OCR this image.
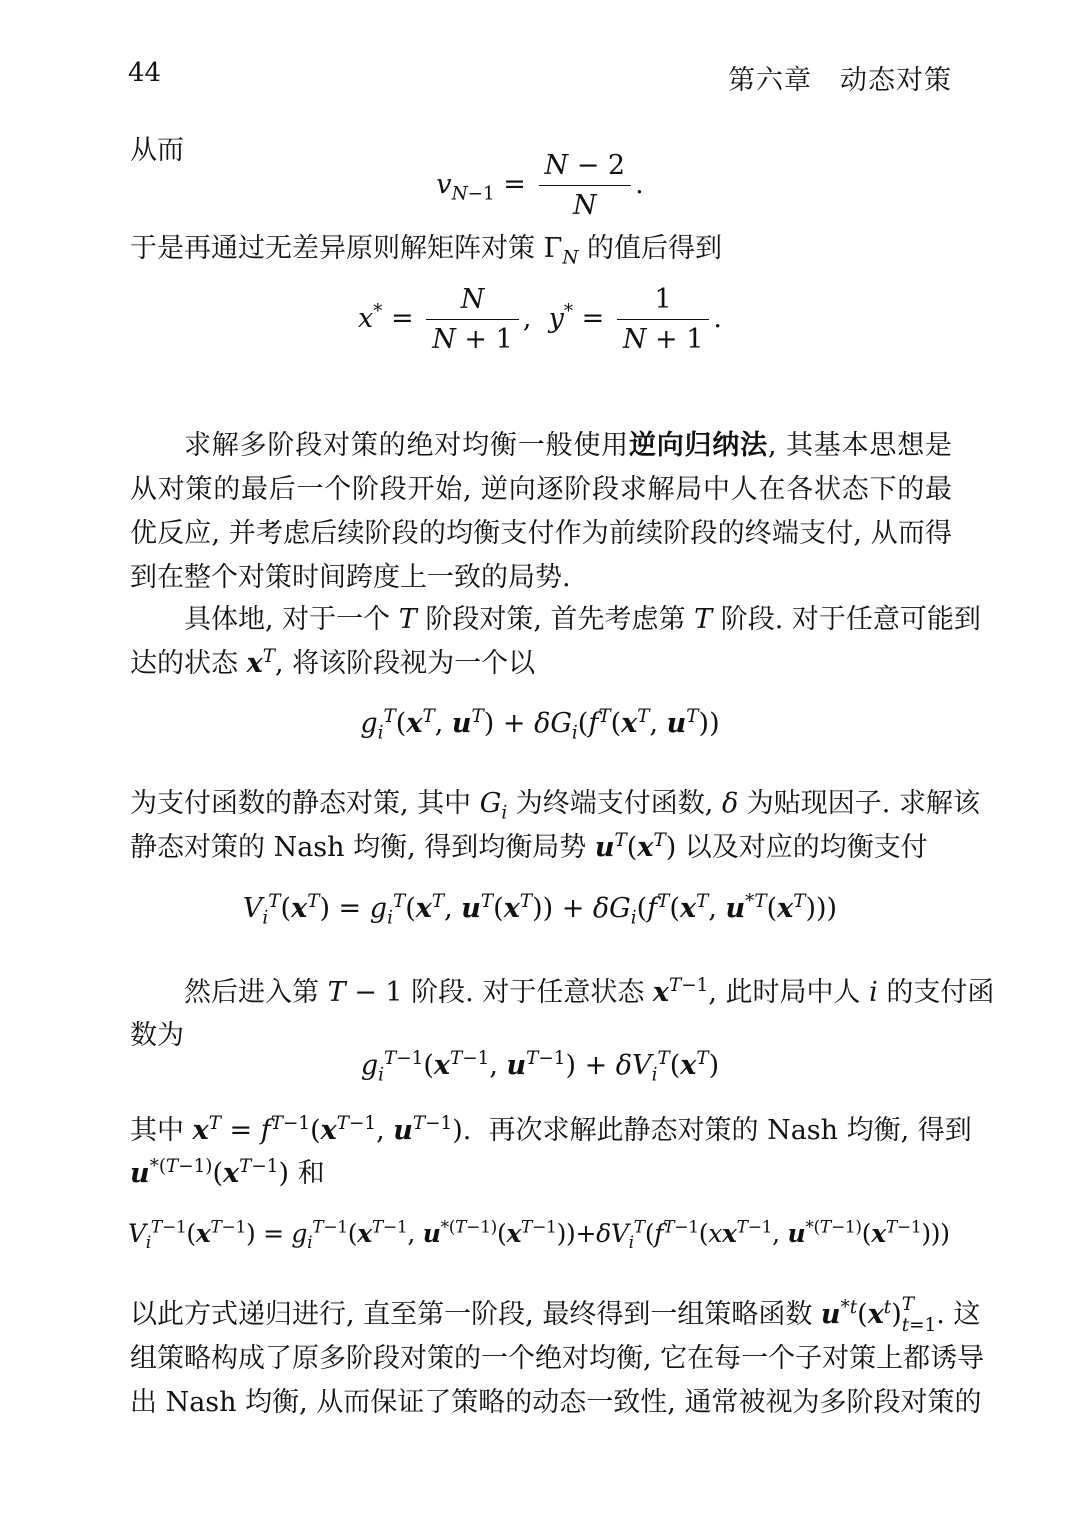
44	第六章　动态对策
从而
$v_{N-1} = \frac{N - 2}{N}$ .
于是再通过无差异原则解矩阵对策 $\Gamma_N$ 的值后得到
$x^* = \frac{N}{N + 1}$ ,  $y^* = \frac{1}{N + 1}$ .
求解多阶段对策的绝对均衡一般使用逆向归纳法, 其基本思想是从对策的最后一个阶段开始, 逆向逐阶段求解局中人在各状态下的最优反应, 并考虑后续阶段的均衡支付作为前续阶段的终端支付, 从而得到在整个对策时间跨度上一致的局势.
具体地, 对于一个 T 阶段对策, 首先考虑第 T 阶段. 对于任意可能到
达的状态 $x^T$, 将该阶段视为一个以
$g_i^T(x^T$, $u^T) + \delta G_i(f^T(x^T$, $u^T$))
为支付函数的静态对策, 其中 $G_i$ 为终端支付函数, δ 为贴现因子. 求解该
静态对策的 Nash 均衡, 得到均衡局势 $u^T(x^T)$ 以及对应的均衡支付
$V_i^T(x^T) = g_i^T(x^T$, $u^T(x^T)) + \delta G_i(f^T(x^T$, $u^{*T}(x^T)$))
然后进入第 T − 1 阶段. 对于任意状态 $x^{T-1}$, 此时局中人 i 的支付函
数为
$g_i^{T-1}(x^{T-1}$, $u^{T-1}) + \delta V_i^T(x^T)$
其中 $x^T = f^{T-1}(x^{T-1}$, $u^{T-1}$).  再次求解此静态对策的 Nash 均衡, 得到
$u^{*(T-1)}(x^{T-1})$ 和
$V_i^{T-1}(x^{T-1}) = g_i^{T-1}(x^{T-1}$, $u^{*(T-1)}(x^{T-1}))+\delta V_i^T(f^{T-1}(xx^{T-1}$, $u^{*(T-1)}(x^{T-1})$))
以此方式递归进行, 直至第一阶段, 最终得到一组策略函数 $u^{*t}(x^t)T$
t=1. 这
组策略构成了原多阶段对策的一个绝对均衡, 它在每一个子对策上都诱导
出 Nash 均衡, 从而保证了策略的动态一致性, 通常被视为多阶段对策的
